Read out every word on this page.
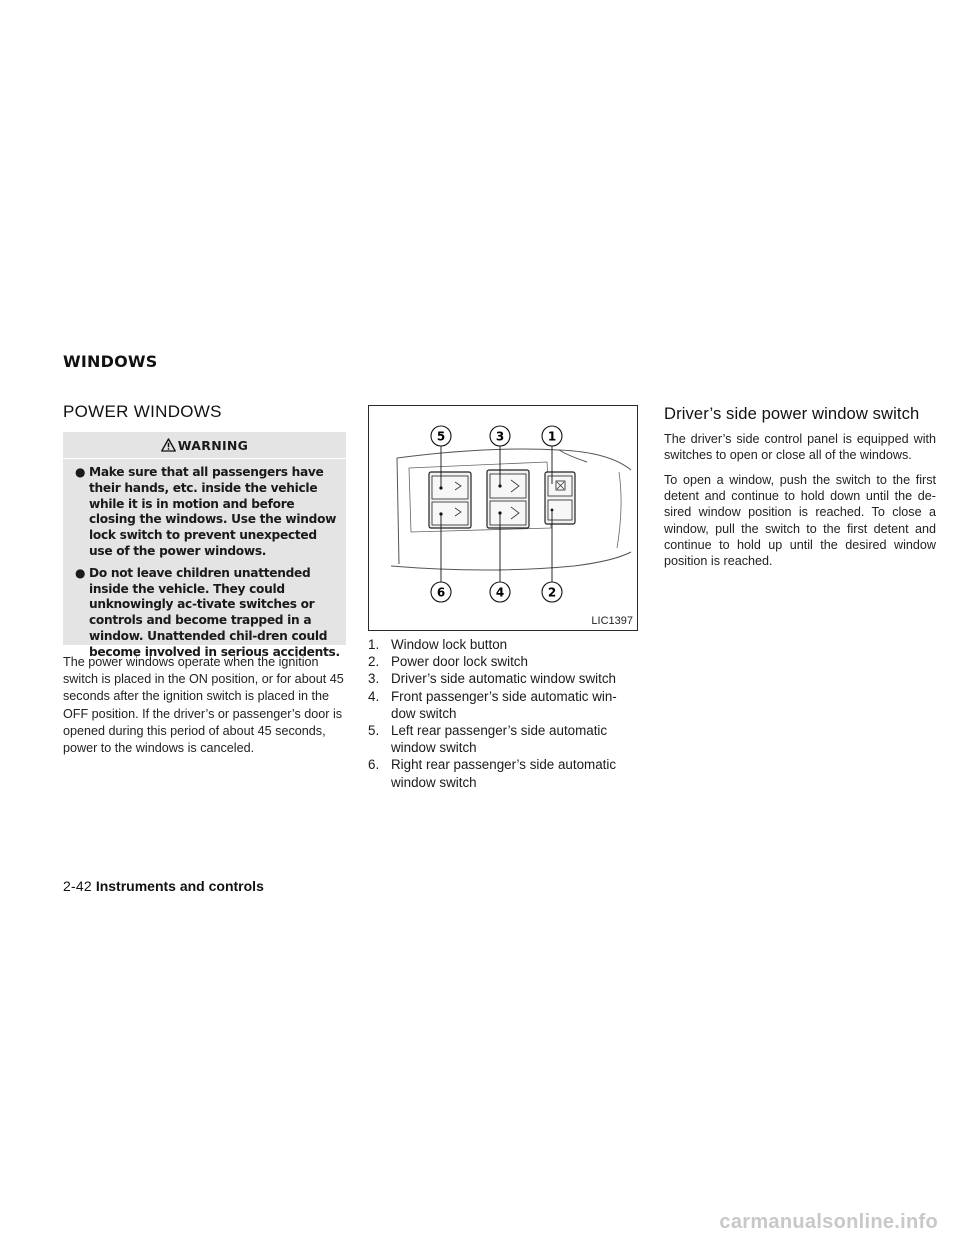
WINDOWS
POWER WINDOWS
WARNING
● Make sure that all passengers have their hands, etc. inside the vehicle while it is in motion and before closing the windows. Use the window lock switch to prevent unexpected use of the power windows.
● Do not leave children unattended inside the vehicle. They could unknowingly ac-tivate switches or controls and become trapped in a window. Unattended chil-dren could become involved in serious accidents.

The power windows operate when the ignition switch is placed in the ON position, or for about 45 seconds after the ignition switch is placed in the OFF position. If the driver’s or passenger’s door is opened during this period of about 45 seconds, power to the windows is canceled.

5	3	1
6	4	2
LIC1397
1. Window lock button
2. Power door lock switch
3. Driver’s side automatic window switch
4. Front passenger’s side automatic win-dow switch
5. Left rear passenger’s side automatic window switch
6. Right rear passenger’s side automatic window switch
Driver’s side power window switch

The driver’s side control panel is equipped with switches to open or close all of the windows.

To open a window, push the switch to the first detent and continue to hold down until the de-sired window position is reached. To close a window, pull the switch to the first detent and continue to hold up until the desired window position is reached.

2-42 Instruments and controls
carmanualsonline.info
